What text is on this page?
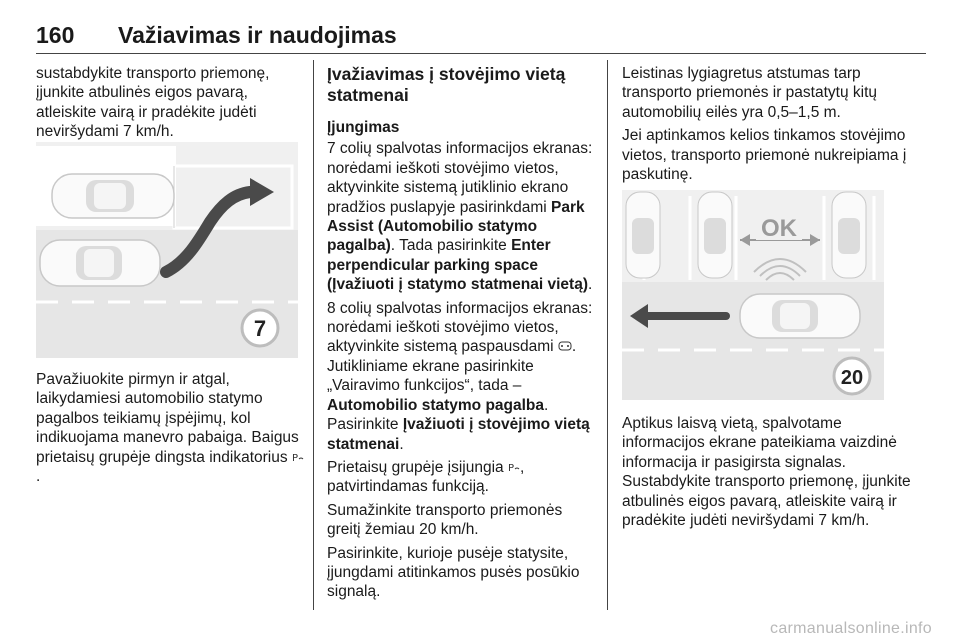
160 Važiavimas ir naudojimas

sustabdykite transporto priemonę, įjunkite atbulinės eigos pavarą, atleiskite vairą ir pradėkite judėti neviršydami 7 km/h.

7

Pavažiuokite pirmyn ir atgal, laikydamiesi automobilio statymo pagalbos teikiamų įspėjimų, kol indikuojama manevro pabaiga. Baigus prietaisų grupėje dingsta indikatorius P
.

Įvažiavimas į stovėjimo vietą statmenai

Įjungimas

7 colių spalvotas informacijos ekranas: norėdami ieškoti stovėjimo vietos, aktyvinkite sistemą jutiklinio ekrano pradžios puslapyje pasirinkdami Park Assist (Automobilio statymo pagalba). Tada pasirinkite Enter perpendicular parking space (Įvažiuoti į statymo statmenai vietą).

8 colių spalvotas informacijos ekranas: norėdami ieškoti stovėjimo vietos, aktyvinkite sistemą paspausdami . Jutikliniame ekrane pasirinkite „Vairavimo funkcijos“, tada – Automobilio statymo pagalba. Pasirinkite Įvažiuoti į stovėjimo vietą statmenai.

Prietaisų grupėje įsijungia P , patvirtindamas funkciją.

Sumažinkite transporto priemonės greitį žemiau 20 km/h.

Pasirinkite, kurioje pusėje statysite, įjungdami atitinkamos pusės posūkio signalą.

Leistinas lygiagretus atstumas tarp transporto priemonės ir pastatytų kitų automobilių eilės yra 0,5–1,5 m.

Jei aptinkamos kelios tinkamos stovėjimo vietos, transporto priemonė nukreipiama į paskutinę.

OK
20

Aptikus laisvą vietą, spalvotame informacijos ekrane pateikiama vaizdinė informacija ir pasigirsta signalas. Sustabdykite transporto priemonę, įjunkite atbulinės eigos pavarą, atleiskite vairą ir pradėkite judėti neviršydami 7 km/h.

carmanualsonline.info
